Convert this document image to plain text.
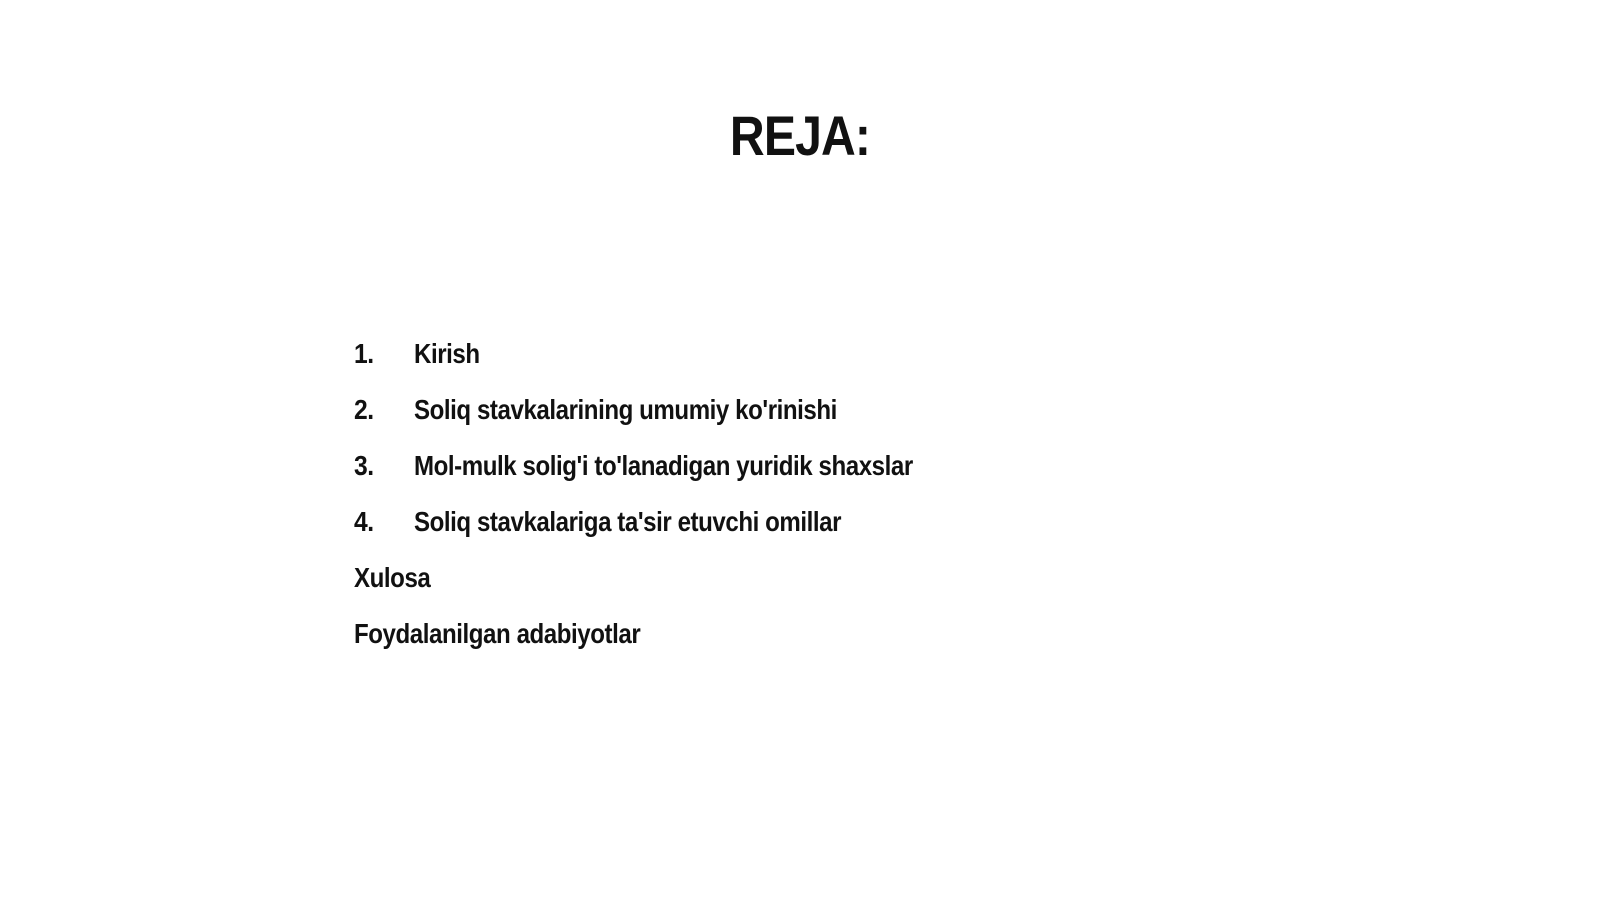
REJA:
1.	Kirish
2.	Soliq stavkalarining umumiy ko'rinishi
3.	Mol-mulk solig'i to'lanadigan yuridik shaxslar
4.	Soliq stavkalariga ta'sir etuvchi omillar
Xulosa
Foydalanilgan adabiyotlar
